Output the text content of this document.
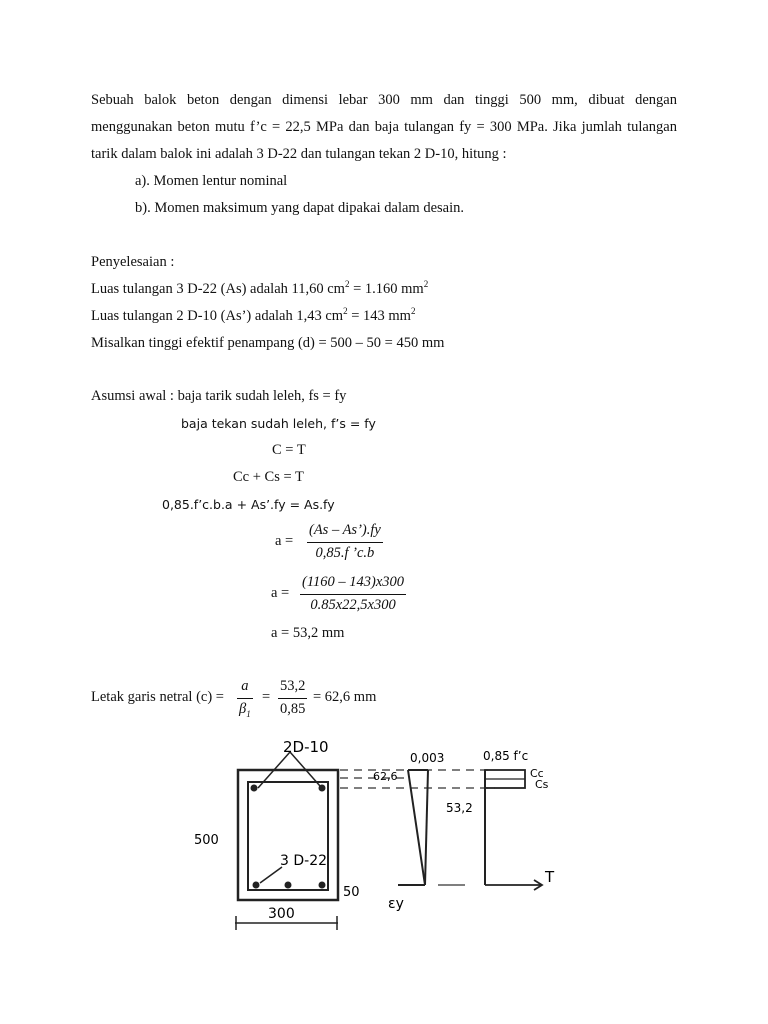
Sebuah balok beton dengan dimensi lebar 300 mm dan tinggi 500 mm, dibuat dengan
menggunakan beton mutu f’c = 22,5 MPa dan baja tulangan fy = 300 MPa. Jika jumlah tulangan
tarik dalam balok ini adalah 3 D-22 dan tulangan tekan 2 D-10, hitung :
a). Momen lentur nominal
b). Momen maksimum yang dapat dipakai dalam desain.
Penyelesaian :
Luas tulangan 3 D-22 (As) adalah 11,60 $cm^2 = 1.160$ $mm^2$
Luas tulangan 2 D-10 (As’) adalah 1,43 $cm^2 = 143$ $mm^2$
Misalkan tinggi efektif penampang (d) = 500 – 50 = 450 mm
Asumsi awal : baja tarik sudah leleh, fs = fy
baja tekan sudah leleh, f’s = fy
C = T
Cc + Cs = T
0,85.f’c.b.a + As’.fy = As.fy
a =
(As – As’).fy
0,85.f ’c.b
a =
(1160 – 143)x300
0.85x22,5x300
a = 53,2 mm
Letak garis netral (c) =
a
$\beta_1$
=
53,2
0,85
= 62,6 mm
2D-10
3 D-22
500
300
50
0,003
62,6
53,2
εy
0,85 f’c
Cc
Cs
T
